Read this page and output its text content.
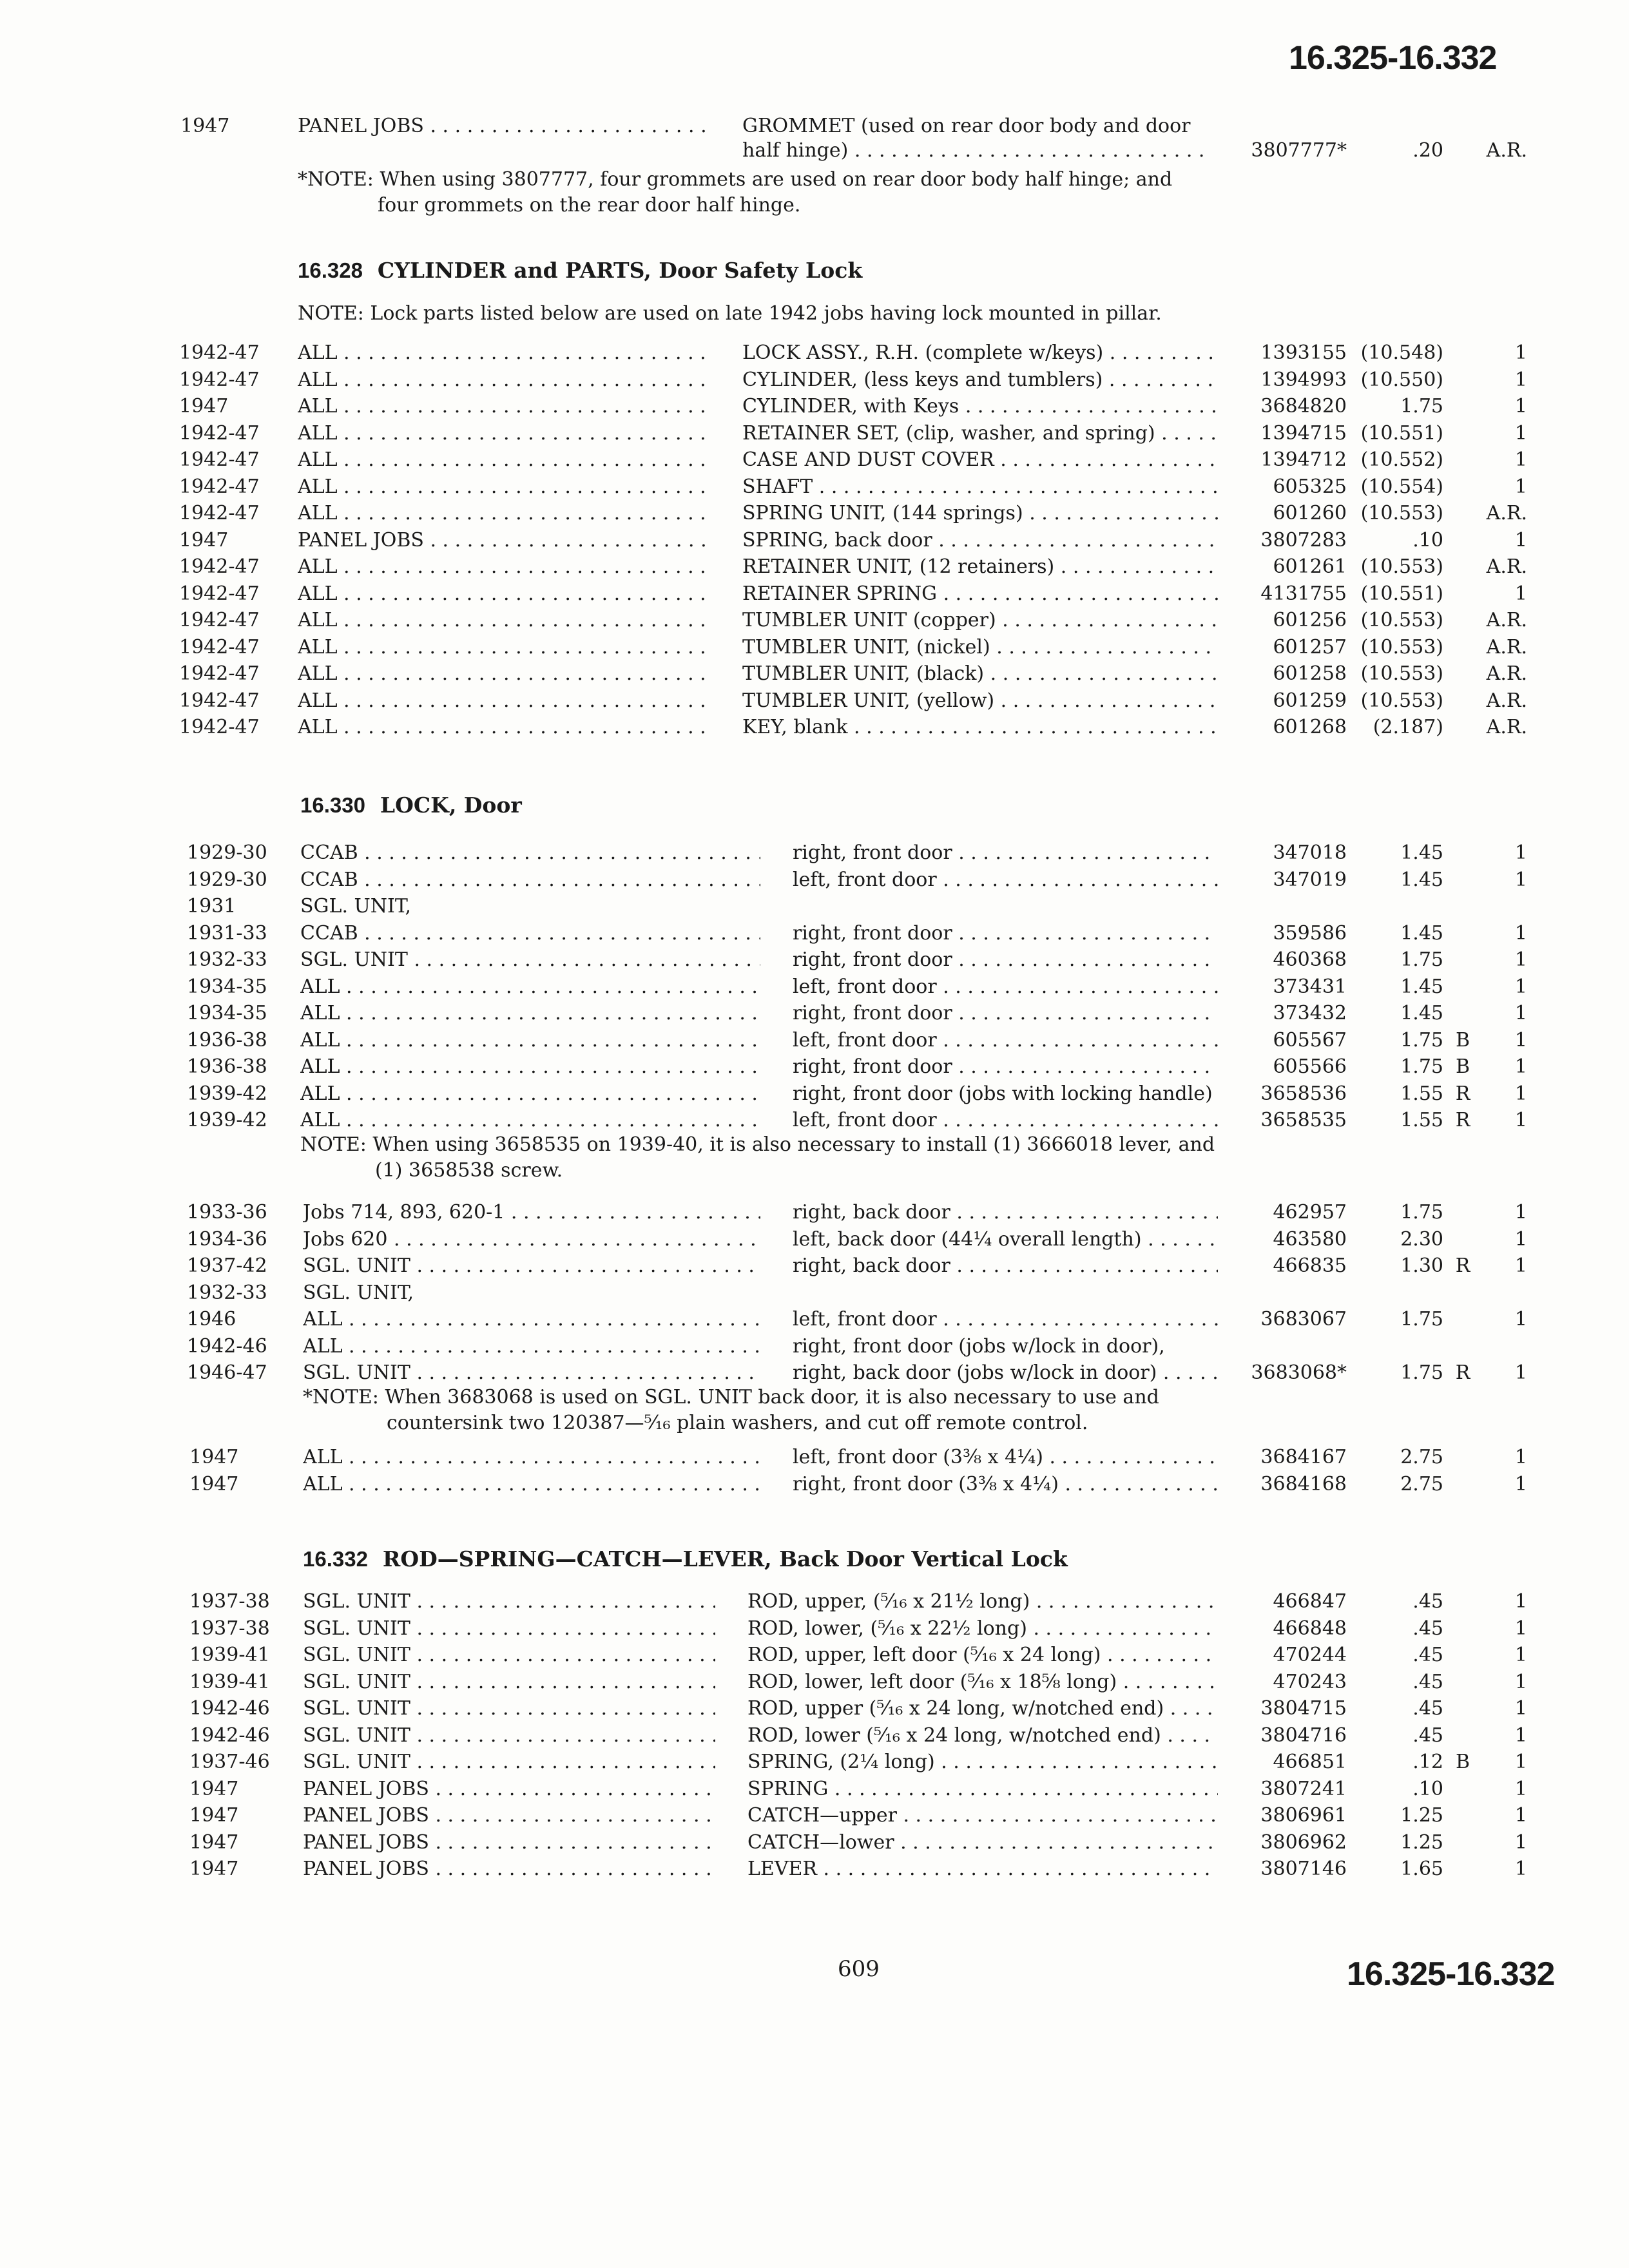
16.325-16.332
1947	PANEL JOBS . . .	GROMMET (used on rear door body and door
half hinge) . . .	3807777*	.20	A.R.
*NOTE: When using 3807777, four grommets are used on rear door body half hinge; and
four grommets on the rear door half hinge.
16.328 CYLINDER and PARTS, Door Safety Lock
NOTE: Lock parts listed below are used on late 1942 jobs having lock mounted in pillar.
1942-47 ALL . . .	LOCK ASSY., R.H. (complete w/keys) . . .	1393155 (10.548)	1
1942-47 ALL . . .	CYLINDER, (less keys and tumblers) . . .	1394993 (10.550)	1
1947	ALL . . .	CYLINDER, with Keys . . .	3684820	1.75	1
1942-47 ALL . . .	RETAINER SET, (clip, washer, and spring) . . .	1394715 (10.551)	1
1942-47 ALL . . .	CASE AND DUST COVER . . .	1394712 (10.552)	1
1942-47 ALL . . .	SHAFT . . .	605325 (10.554)	1
1942-47 ALL . . .	SPRING UNIT, (144 springs) . . .	601260 (10.553)	A.R.
1947	PANEL JOBS . . .	SPRING, back door . . .	3807283	.10	1
1942-47 ALL . . .	RETAINER UNIT, (12 retainers) . . .	601261 (10.553)	A.R.
1942-47 ALL . . .	RETAINER SPRING . . .	4131755 (10.551)	1
1942-47 ALL . . .	TUMBLER UNIT (copper) . . .	601256 (10.553)	A.R.
1942-47 ALL . . .	TUMBLER UNIT, (nickel) . . .	601257 (10.553)	A.R.
1942-47 ALL . . .	TUMBLER UNIT, (black) . . .	601258 (10.553)	A.R.
1942-47 ALL . . .	TUMBLER UNIT, (yellow) . . .	601259 (10.553)	A.R.
1942-47 ALL . . .	KEY, blank . . .	601268	(2.187)	A.R.
16.330 LOCK, Door
1929-30 CCAB . . .	right, front door . . .	347018	1.45	1
1929-30 CCAB . . .	left, front door . . .	347019	1.45	1
1931	SGL. UNIT,
1931-33 CCAB . . .	right, front door . . .	359586	1.45	1
1932-33 SGL. UNIT . . .	right, front door . . .	460368	1.75	1
1934-35 ALL . . .	left, front door . . .	373431	1.45	1
1934-35 ALL . . .	right, front door . . .	373432	1.45	1
1936-38 ALL . . .	left, front door . . .	605567	1.75 B	1
1936-38 ALL . . .	right, front door . . .	605566	1.75 B	1
1939-42 ALL . . .	right, front door (jobs with locking handle) . . .	3658536	1.55 R	1
1939-42 ALL . . .	left, front door . . .	3658535	1.55 R	1
NOTE: When using 3658535 on 1939-40, it is also necessary to install (1) 3666018 lever, and
(1) 3658538 screw.
1933-36 Jobs 714, 893, 620-1 . . .	right, back door . . .	462957	1.75	1
1934-36 Jobs 620 . . .	left, back door (44¼ overall length) . . .	463580	2.30	1
1937-42 SGL. UNIT . . .	right, back door . . .	466835	1.30 R	1
1932-33 SGL. UNIT,
1946	ALL . . .	left, front door . . .	3683067	1.75	1
1942-46 ALL . . .	right, front door (jobs w/lock in door),
1946-47 SGL. UNIT . . .	right, back door (jobs w/lock in door) . . .	3683068*	1.75 R	1
*NOTE: When 3683068 is used on SGL. UNIT back door, it is also necessary to use and
countersink two 120387—⁵⁄₁₆ plain washers, and cut off remote control.
1947	ALL . . .	left, front door (3⅜ x 4¼) . . .	3684167	2.75	1
1947	ALL . . .	right, front door (3⅜ x 4¼) . . .	3684168	2.75	1
16.332 ROD—SPRING—CATCH—LEVER, Back Door Vertical Lock
1937-38 SGL. UNIT . . .	ROD, upper, (⁵⁄₁₆ x 21½ long) . . .	466847	.45	1
1937-38 SGL. UNIT . . .	ROD, lower, (⁵⁄₁₆ x 22½ long) . . .	466848	.45	1
1939-41 SGL. UNIT . . .	ROD, upper, left door (⁵⁄₁₆ x 24 long) . . .	470244	.45	1
1939-41 SGL. UNIT . . .	ROD, lower, left door (⁵⁄₁₆ x 18⅝ long) . . .	470243	.45	1
1942-46 SGL. UNIT . . .	ROD, upper (⁵⁄₁₆ x 24 long, w/notched end) . . .	3804715	.45	1
1942-46 SGL. UNIT . . .	ROD, lower (⁵⁄₁₆ x 24 long, w/notched end) . . .	3804716	.45	1
1937-46 SGL. UNIT . . .	SPRING, (2¼ long) . . .	466851	.12 B	1
1947	PANEL JOBS . . .	SPRING . . .	3807241	.10	1
1947	PANEL JOBS . . .	CATCH—upper . . .	3806961	1.25	1
1947	PANEL JOBS . . .	CATCH—lower . . .	3806962	1.25	1
1947	PANEL JOBS . . .	LEVER . . .	3807146	1.65	1
609	16.325-16.332
